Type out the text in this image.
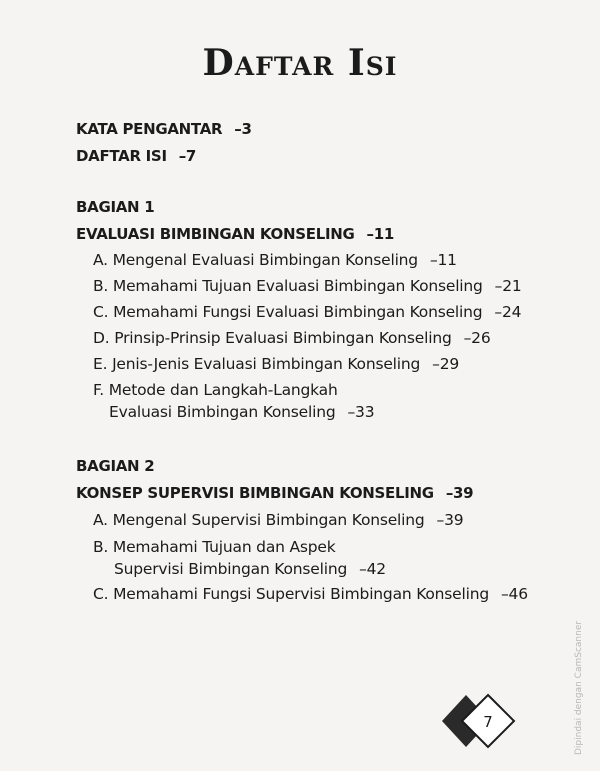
Daftar Isi
KATA PENGANTAR –3
DAFTAR ISI –7
BAGIAN 1
EVALUASI BIMBINGAN KONSELING –11
A. Mengenal Evaluasi Bimbingan Konseling –11
B. Memahami Tujuan Evaluasi Bimbingan Konseling –21
C. Memahami Fungsi Evaluasi Bimbingan Konseling –24
D. Prinsip-Prinsip Evaluasi Bimbingan Konseling –26
E. Jenis-Jenis Evaluasi Bimbingan Konseling –29
F. Metode dan Langkah-Langkah
Evaluasi Bimbingan Konseling –33
BAGIAN 2
KONSEP SUPERVISI BIMBINGAN KONSELING –39
A. Mengenal Supervisi Bimbingan Konseling –39
B. Memahami Tujuan dan Aspek
Supervisi Bimbingan Konseling –42
C. Memahami Fungsi Supervisi Bimbingan Konseling –46
7	Dipindai dengan CamScanner
